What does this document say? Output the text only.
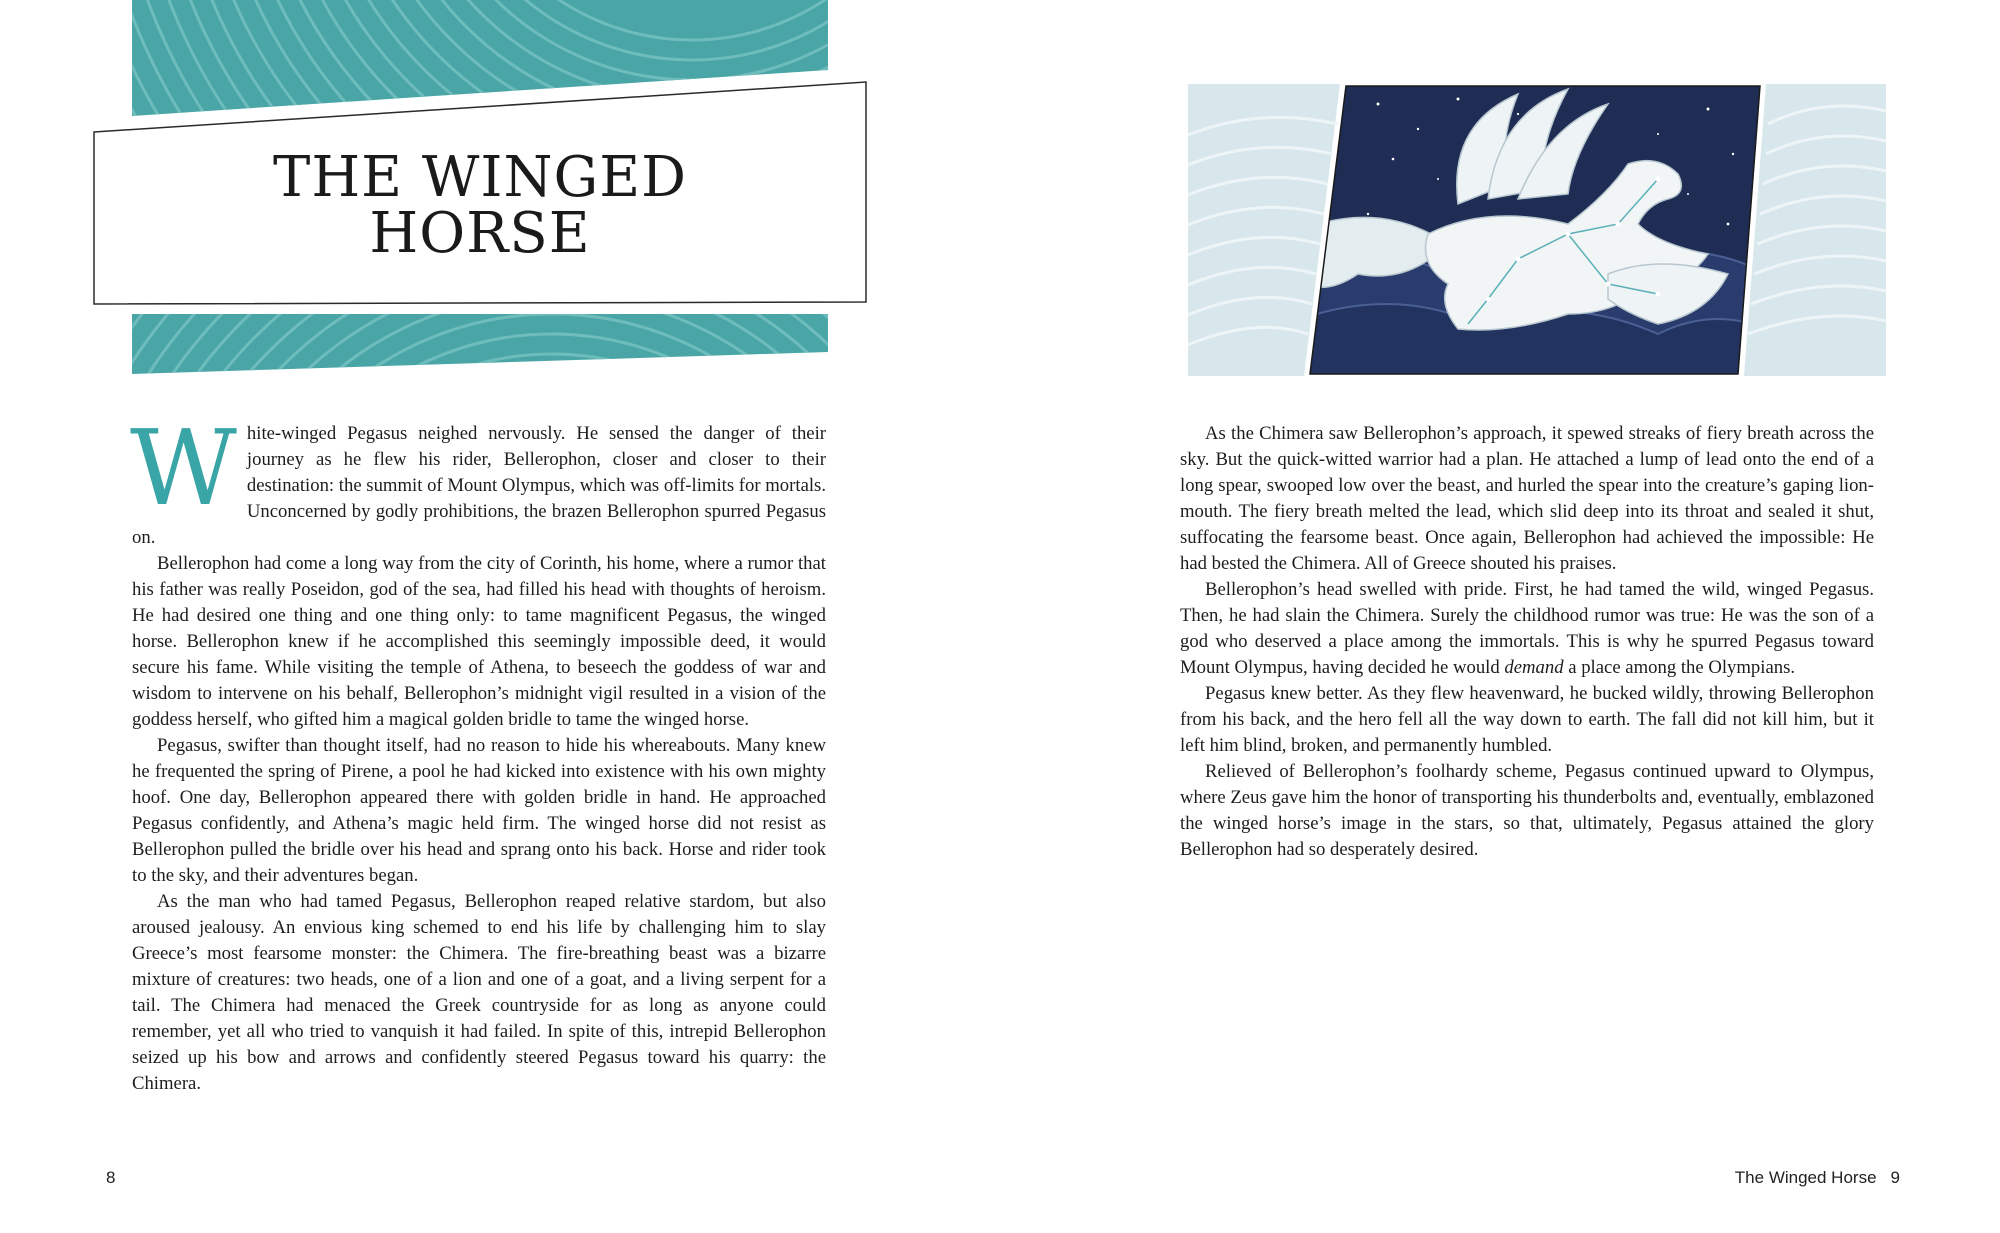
THE WINGED
HORSE

White-winged Pegasus neighed nervously. He sensed the danger of their journey as he flew his rider, Bellerophon, closer and closer to their destination: the summit of Mount Olympus, which was off-limits for mortals. Unconcerned by godly prohibitions, the brazen Bellerophon spurred Pegasus on.

Bellerophon had come a long way from the city of Corinth, his home, where a rumor that his father was really Poseidon, god of the sea, had filled his head with thoughts of heroism. He had desired one thing and one thing only: to tame magnificent Pegasus, the winged horse. Bellerophon knew if he accomplished this seemingly impossible deed, it would secure his fame. While visiting the temple of Athena, to beseech the goddess of war and wisdom to intervene on his behalf, Bellerophon’s midnight vigil resulted in a vision of the goddess herself, who gifted him a magical golden bridle to tame the winged horse.

Pegasus, swifter than thought itself, had no reason to hide his whereabouts. Many knew he frequented the spring of Pirene, a pool he had kicked into existence with his own mighty hoof. One day, Bellerophon appeared there with golden bridle in hand. He approached Pegasus confidently, and Athena’s magic held firm. The winged horse did not resist as Bellerophon pulled the bridle over his head and sprang onto his back. Horse and rider took to the sky, and their adventures began.

As the man who had tamed Pegasus, Bellerophon reaped relative stardom, but also aroused jealousy. An envious king schemed to end his life by challenging him to slay Greece’s most fearsome monster: the Chimera. The fire-breathing beast was a bizarre mixture of creatures: two heads, one of a lion and one of a goat, and a living serpent for a tail. The Chimera had menaced the Greek countryside for as long as anyone could remember, yet all who tried to vanquish it had failed. In spite of this, intrepid Bellerophon seized up his bow and arrows and confidently steered Pegasus toward his quarry: the Chimera.

8

As the Chimera saw Bellerophon’s approach, it spewed streaks of fiery breath across the sky. But the quick-witted warrior had a plan. He attached a lump of lead onto the end of a long spear, swooped low over the beast, and hurled the spear into the creature’s gaping lion-mouth. The fiery breath melted the lead, which slid deep into its throat and sealed it shut, suffocating the fearsome beast. Once again, Bellerophon had achieved the impossible: He had bested the Chimera. All of Greece shouted his praises.

Bellerophon’s head swelled with pride. First, he had tamed the wild, winged Pegasus. Then, he had slain the Chimera. Surely the childhood rumor was true: He was the son of a god who deserved a place among the immortals. This is why he spurred Pegasus toward Mount Olympus, having decided he would demand a place among the Olympians.

Pegasus knew better. As they flew heavenward, he bucked wildly, throwing Bellerophon from his back, and the hero fell all the way down to earth. The fall did not kill him, but it left him blind, broken, and permanently humbled.

Relieved of Bellerophon’s foolhardy scheme, Pegasus continued upward to Olympus, where Zeus gave him the honor of transporting his thunderbolts and, eventually, emblazoned the winged horse’s image in the stars, so that, ultimately, Pegasus attained the glory Bellerophon had so desperately desired.

The Winged Horse 9
